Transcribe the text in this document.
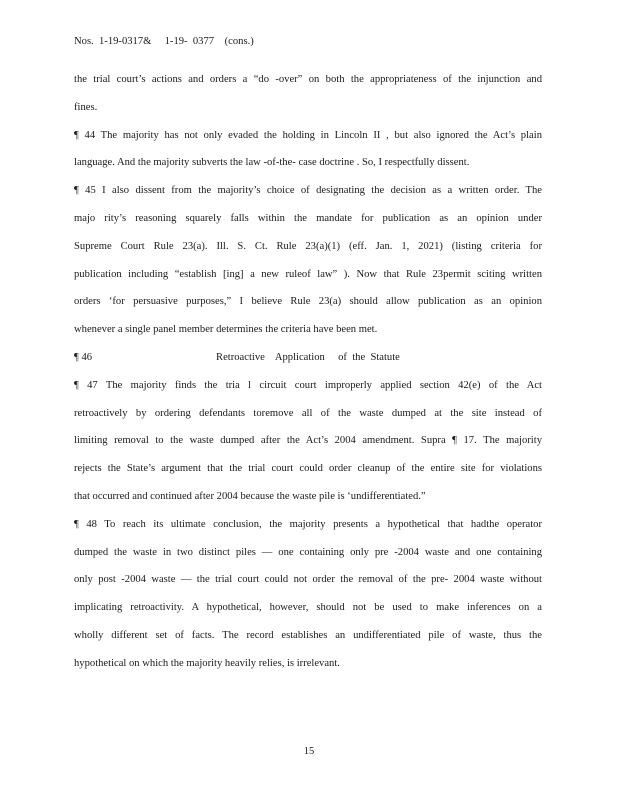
Nos.  1-19-0317&     1-19-  0377    (cons.)
the trial court’s actions and orders a “do -over” on both the appropriateness of the injunction and
fines.
¶ 44 The majority has not only evaded the holding in Lincoln II , but also ignored the Act’s plain
language. And the majority subverts the law -of-the- case doctrine . So, I respectfully dissent.
¶ 45 I also dissent from the majority’s choice of designating the decision as a written order. The
majo rity’s reasoning squarely falls within the mandate for publication as an opinion under
Supreme Court Rule 23(a). Ill. S. Ct. Rule 23(a)(1) (eff. Jan. 1, 2021) (listing criteria for
publication including “establish [ing] a new ruleof law” ). Now that Rule 23permit sciting written
orders ‘for persuasive purposes,” I believe Rule 23(a) should allow publication as an opinion
whenever a single panel member determines the criteria have been met.
¶ 46	Retroactive    Application     of  the  Statute
¶ 47 The majority finds the tria l circuit court improperly applied section 42(e) of the Act
retroactively by ordering defendants toremove all of the waste dumped at the site instead of
limiting removal to the waste dumped after the Act’s 2004 amendment. Supra ¶ 17. The majority
rejects the State’s argument that the trial court could order cleanup of the entire site for violations
that occurred and continued after 2004 because the waste pile is ‘undifferentiated.”
¶ 48 To reach its ultimate conclusion, the majority presents a hypothetical that hadthe operator
dumped the waste in two distinct piles — one containing only pre -2004 waste and one containing
only post -2004 waste — the trial court could not order the removal of the pre- 2004 waste without
implicating retroactivity. A hypothetical, however, should not be used to make inferences on a
wholly different set of facts. The record establishes an undifferentiated pile of waste, thus the
hypothetical on which the majority heavily relies, is irrelevant.
15
